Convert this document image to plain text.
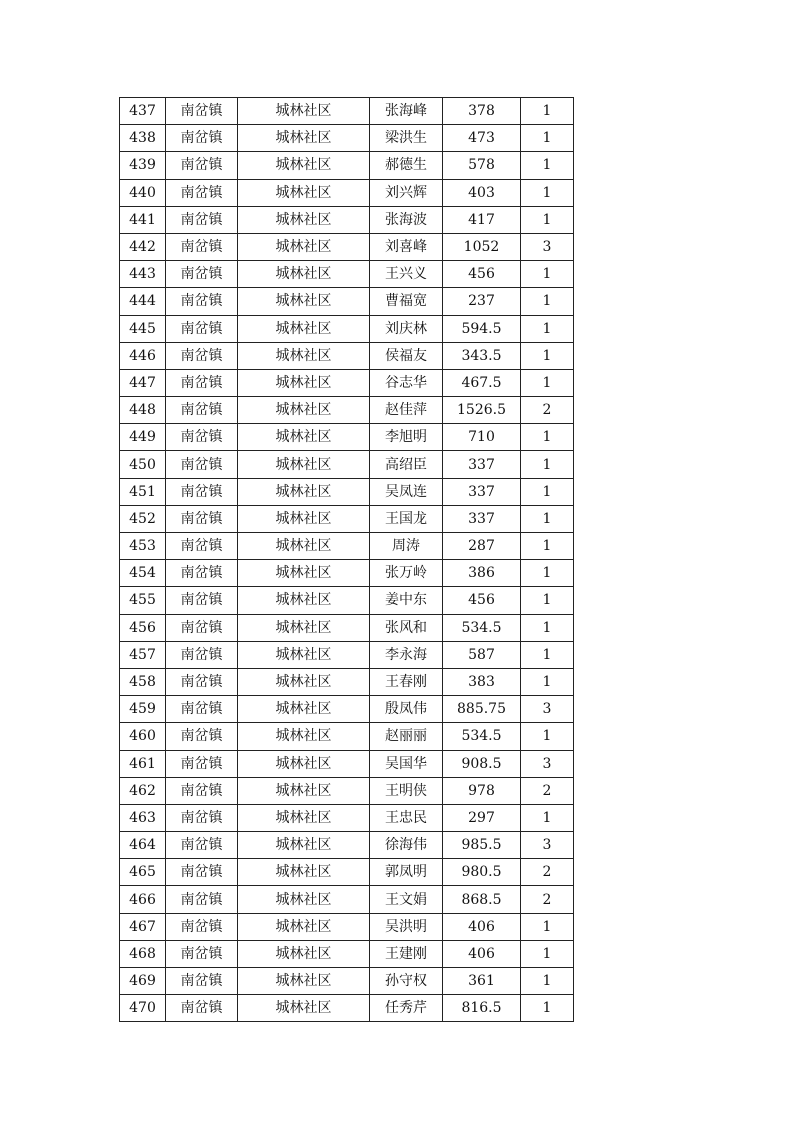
437	南岔镇	城林社区	张海峰	378	1
438	南岔镇	城林社区	梁洪生	473	1
439	南岔镇	城林社区	郝德生	578	1
440	南岔镇	城林社区	刘兴辉	403	1
441	南岔镇	城林社区	张海波	417	1
442	南岔镇	城林社区	刘喜峰	1052	3
443	南岔镇	城林社区	王兴义	456	1
444	南岔镇	城林社区	曹福宽	237	1
445	南岔镇	城林社区	刘庆林	594.5	1
446	南岔镇	城林社区	侯福友	343.5	1
447	南岔镇	城林社区	谷志华	467.5	1
448	南岔镇	城林社区	赵佳萍	1526.5	2
449	南岔镇	城林社区	李旭明	710	1
450	南岔镇	城林社区	高绍臣	337	1
451	南岔镇	城林社区	吴凤连	337	1
452	南岔镇	城林社区	王国龙	337	1
453	南岔镇	城林社区	周涛	287	1
454	南岔镇	城林社区	张万岭	386	1
455	南岔镇	城林社区	姜中东	456	1
456	南岔镇	城林社区	张风和	534.5	1
457	南岔镇	城林社区	李永海	587	1
458	南岔镇	城林社区	王春刚	383	1
459	南岔镇	城林社区	殷凤伟	885.75	3
460	南岔镇	城林社区	赵丽丽	534.5	1
461	南岔镇	城林社区	吴国华	908.5	3
462	南岔镇	城林社区	王明侠	978	2
463	南岔镇	城林社区	王忠民	297	1
464	南岔镇	城林社区	徐海伟	985.5	3
465	南岔镇	城林社区	郭凤明	980.5	2
466	南岔镇	城林社区	王文娟	868.5	2
467	南岔镇	城林社区	吴洪明	406	1
468	南岔镇	城林社区	王建刚	406	1
469	南岔镇	城林社区	孙守权	361	1
470	南岔镇	城林社区	任秀芹	816.5	1
